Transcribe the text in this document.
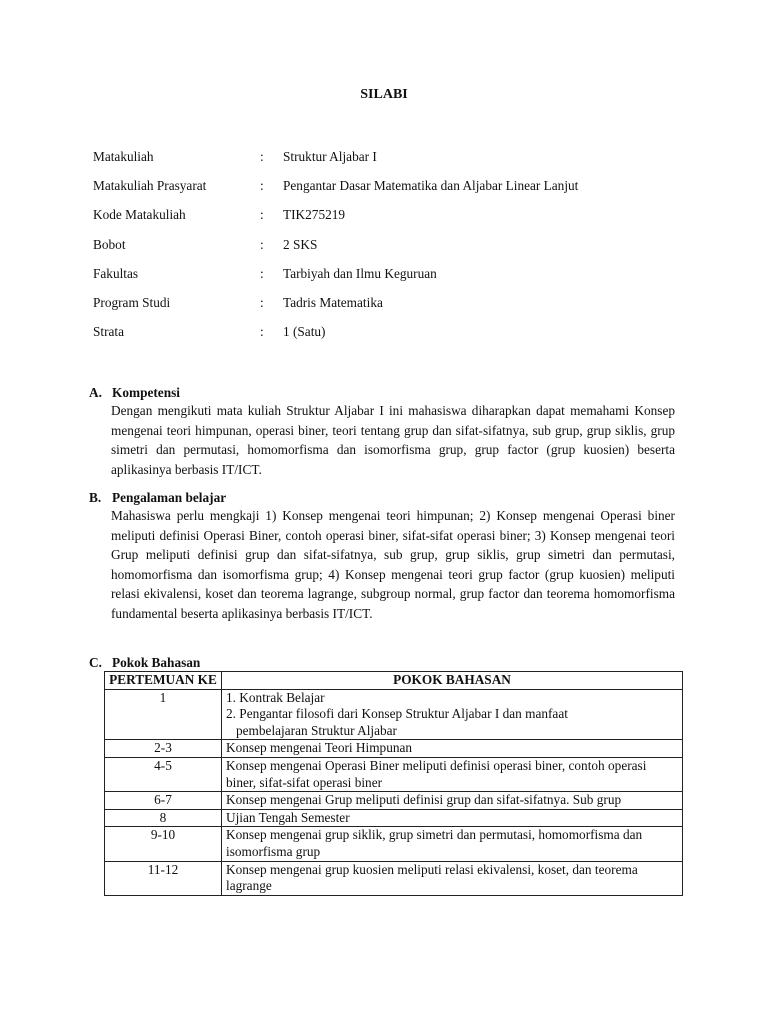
SILABI
Matakuliah	: Struktur Aljabar I
Matakuliah Prasyarat	: Pengantar Dasar Matematika dan Aljabar Linear Lanjut
Kode Matakuliah	: TIK275219
Bobot	: 2 SKS
Fakultas	: Tarbiyah dan Ilmu Keguruan
Program Studi	: Tadris Matematika
Strata	: 1 (Satu)
A. Kompetensi
Dengan mengikuti mata kuliah Struktur Aljabar I ini mahasiswa diharapkan dapat memahami Konsep mengenai teori himpunan, operasi biner, teori tentang grup dan sifat-sifatnya, sub grup, grup siklis, grup simetri dan permutasi, homomorfisma dan isomorfisma grup, grup factor (grup kuosien) beserta aplikasinya berbasis IT/ICT.
B. Pengalaman belajar
Mahasiswa perlu mengkaji 1) Konsep mengenai teori himpunan; 2) Konsep mengenai Operasi biner meliputi definisi Operasi Biner, contoh operasi biner, sifat-sifat operasi biner; 3) Konsep mengenai teori Grup meliputi definisi grup dan sifat-sifatnya, sub grup, grup siklis, grup simetri dan permutasi, homomorfisma dan isomorfisma grup; 4) Konsep mengenai teori grup factor (grup kuosien) meliputi relasi ekivalensi, koset dan teorema lagrange, subgroup normal, grup factor dan teorema homomorfisma fundamental beserta aplikasinya berbasis IT/ICT.
C. Pokok Bahasan
PERTEMUAN KE	POKOK BAHASAN
1	1. Kontrak Belajar
2. Pengantar filosofi dari Konsep Struktur Aljabar I dan manfaat
pembelajaran Struktur Aljabar

2-3	Konsep mengenai Teori Himpunan
4-5	Konsep mengenai Operasi Biner meliputi definisi operasi biner, contoh operasi biner, sifat-sifat operasi biner
6-7	Konsep mengenai Grup meliputi definisi grup dan sifat-sifatnya. Sub grup
8	Ujian Tengah Semester
9-10	Konsep mengenai grup siklik, grup simetri dan permutasi, homomorfisma dan isomorfisma grup
11-12	Konsep mengenai grup kuosien meliputi relasi ekivalensi, koset, dan teorema lagrange
